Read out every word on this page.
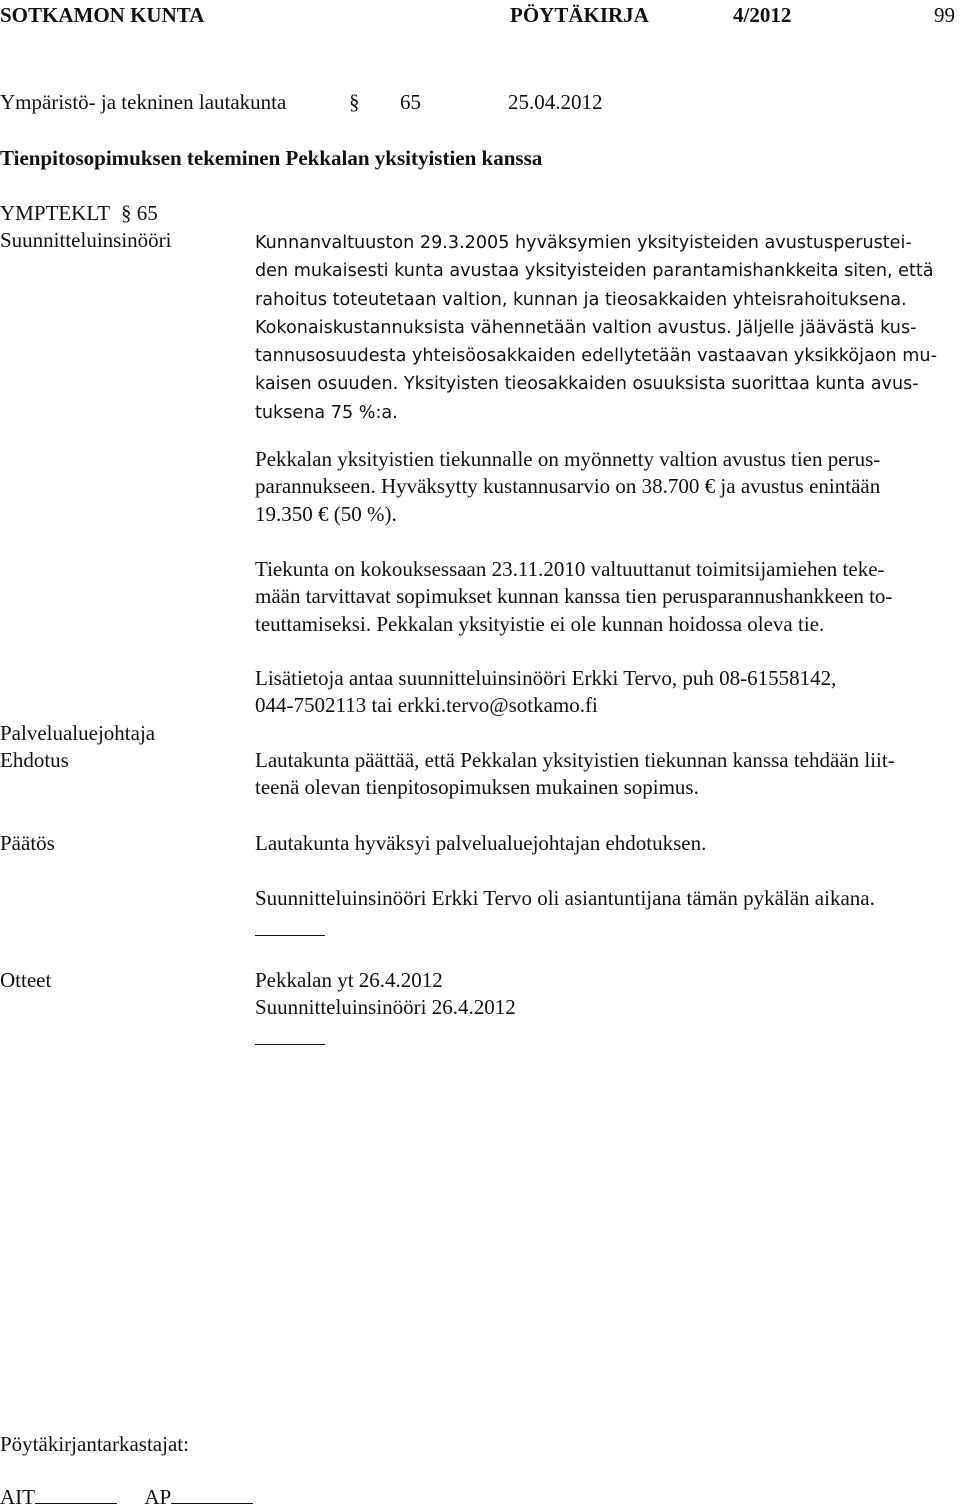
SOTKAMON KUNTA	PÖYTÄKIRJA	4/2012	99
Ympäristö- ja tekninen lautakunta	§ 65	25.04.2012
Tienpitosopimuksen tekeminen Pekkalan yksityistien kanssa
YMPTEKLT § 65
Suunnitteluinsinööri	Kunnanvaltuuston 29.3.2005 hyväksymien yksityisteiden avustusperustei-
den mukaisesti kunta avustaa yksityisteiden parantamishankkeita siten, että
rahoitus toteutetaan valtion, kunnan ja tieosakkaiden yhteisrahoituksena.
Kokonaiskustannuksista vähennetään valtion avustus. Jäljelle jäävästä kus-
tannusosuudesta yhteisöosakkaiden edellytetään vastaavan yksikköjaon mu-
kaisen osuuden. Yksityisten tieosakkaiden osuuksista suorittaa kunta avus-
tuksena 75 %:a.
Pekkalan yksityistien tiekunnalle on myönnetty valtion avustus tien perus-
parannukseen. Hyväksytty kustannusarvio on 38.700 € ja avustus enintään
19.350 € (50 %).
Tiekunta on kokouksessaan 23.11.2010 valtuuttanut toimitsijamiehen teke-
mään tarvittavat sopimukset kunnan kanssa tien perusparannushankkeen to-
teuttamiseksi. Pekkalan yksityistie ei ole kunnan hoidossa oleva tie.
Lisätietoja antaa suunnitteluinsinööri Erkki Tervo, puh 08-61558142,
044-7502113 tai erkki.tervo@sotkamo.fi
Palvelualuejohtaja
Ehdotus	Lautakunta päättää, että Pekkalan yksityistien tiekunnan kanssa tehdään liit-
teenä olevan tienpitosopimuksen mukainen sopimus.
Päätös	Lautakunta hyväksyi palvelualuejohtajan ehdotuksen.
Suunnitteluinsinööri Erkki Tervo oli asiantuntijana tämän pykälän aikana.
Otteet	Pekkalan yt 26.4.2012
Suunnitteluinsinööri 26.4.2012
Pöytäkirjantarkastajat:
AIT	AP
